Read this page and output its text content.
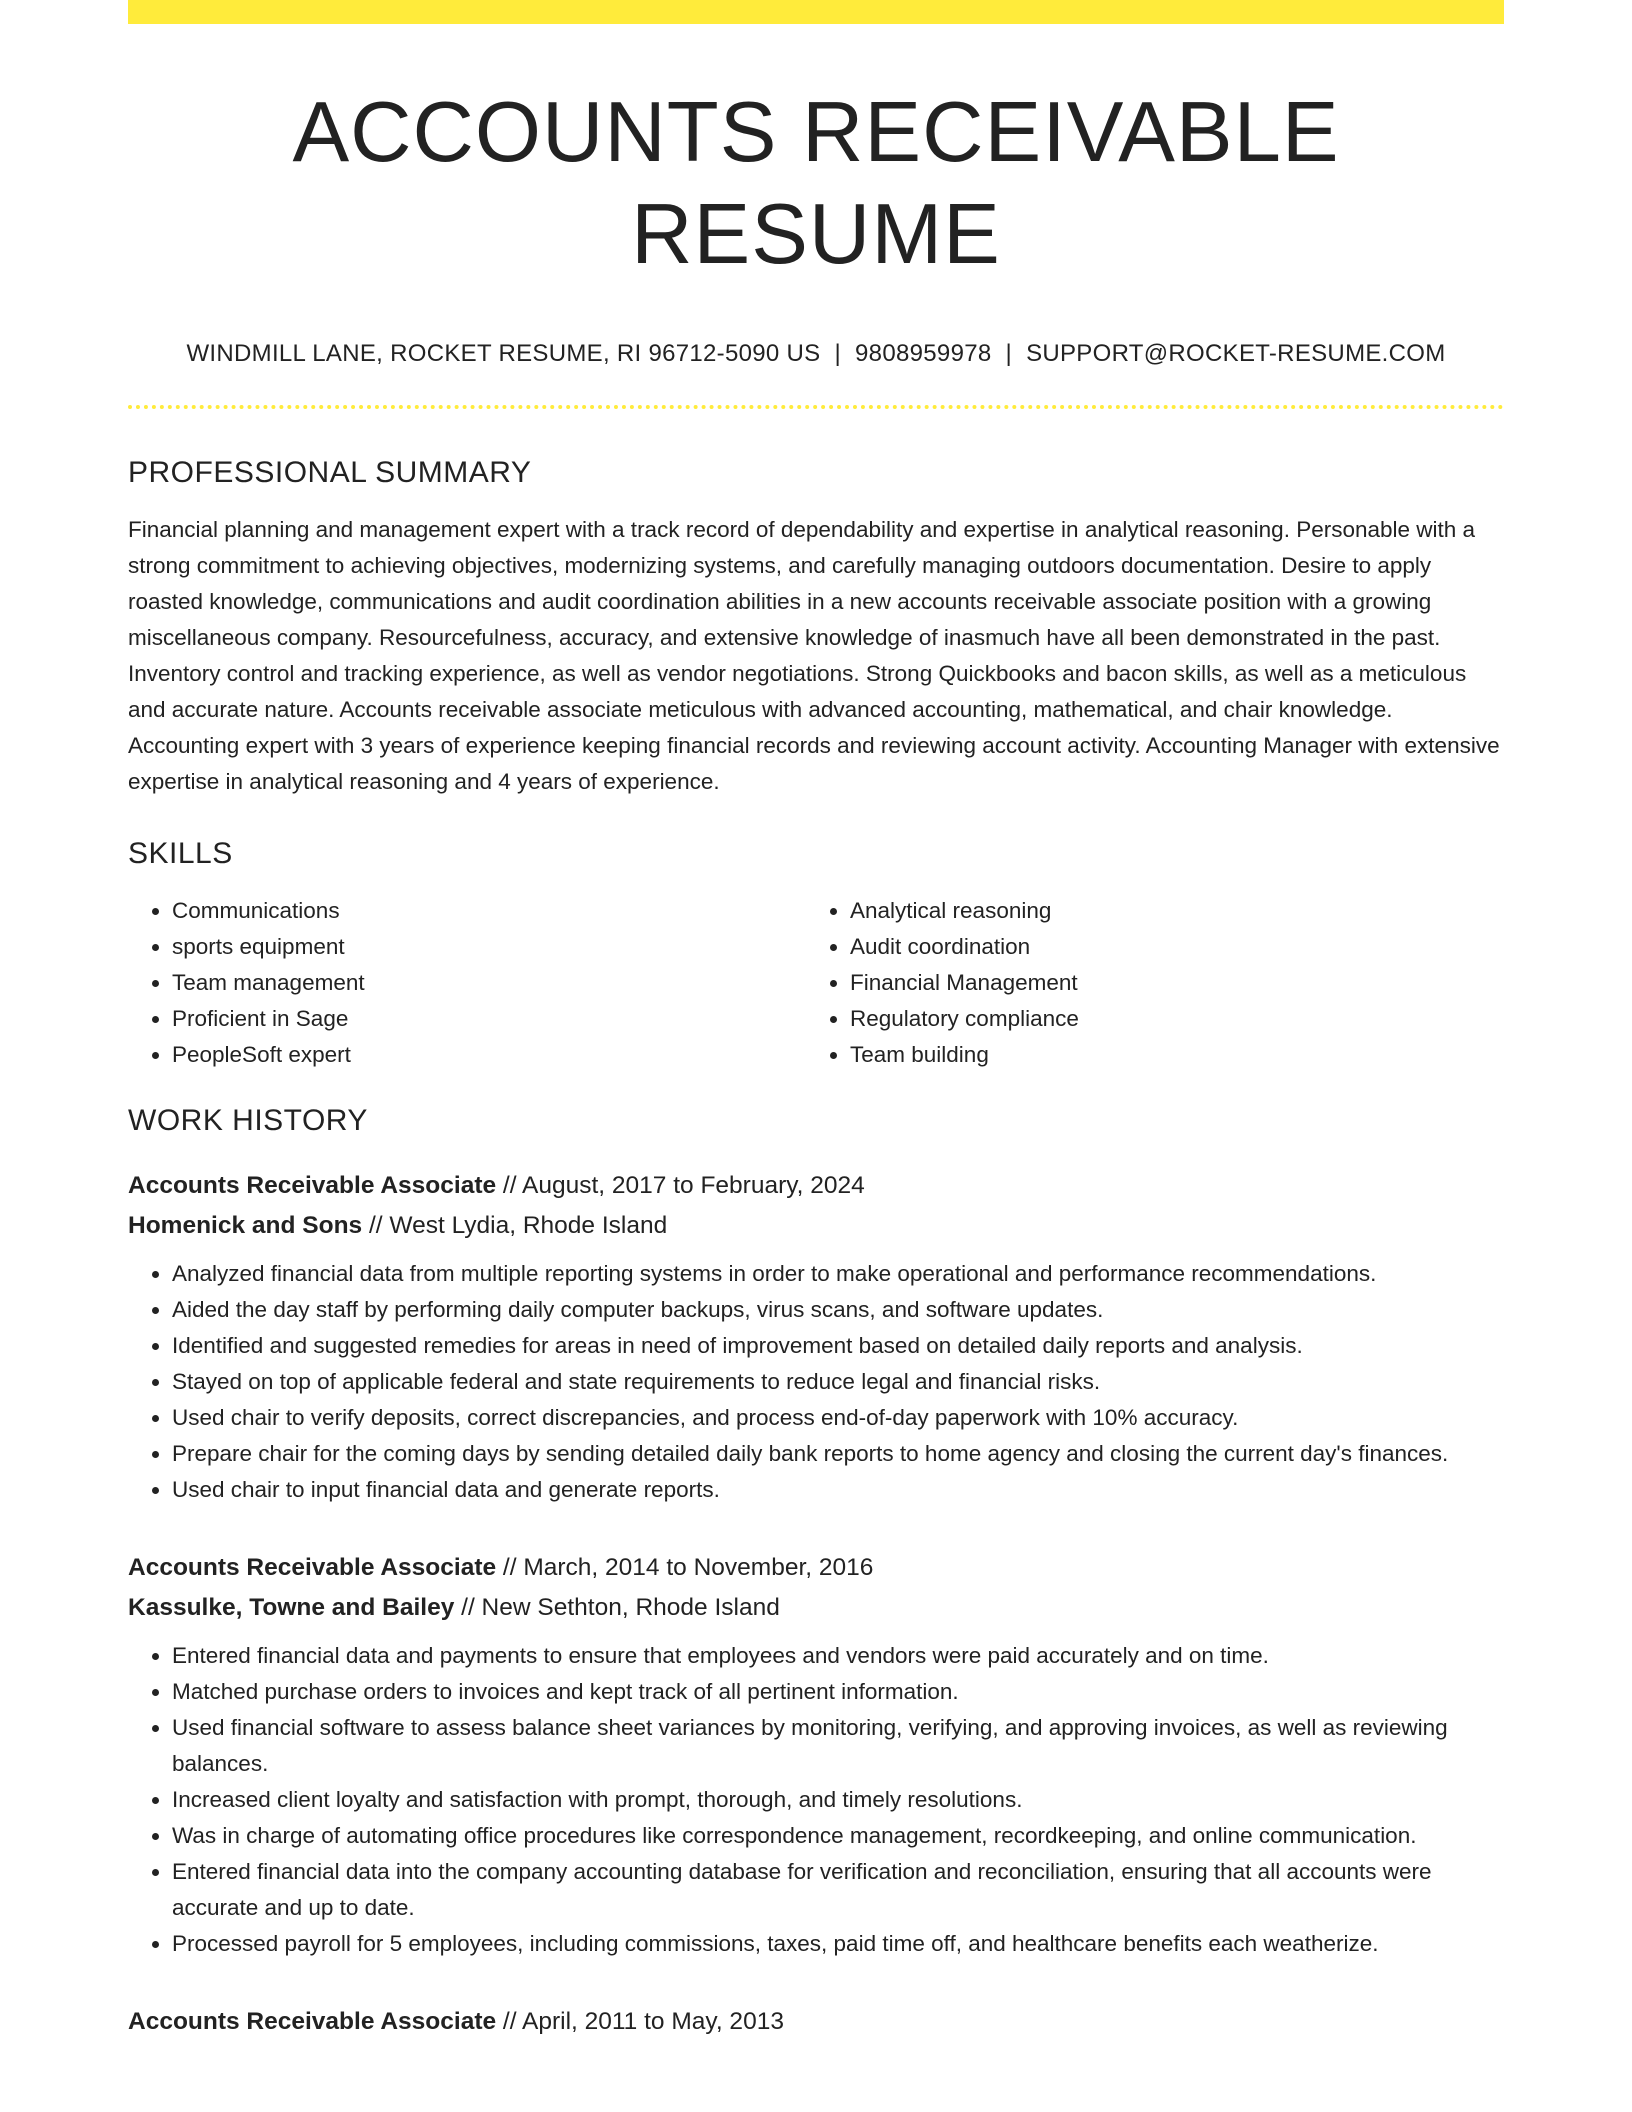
ACCOUNTS RECEIVABLE RESUME
WINDMILL LANE, ROCKET RESUME, RI 96712-5090 US | 9808959978 | SUPPORT@ROCKET-RESUME.COM
PROFESSIONAL SUMMARY

Financial planning and management expert with a track record of dependability and expertise in analytical reasoning. Personable with a strong commitment to achieving objectives, modernizing systems, and carefully managing outdoors documentation. Desire to apply roasted knowledge, communications and audit coordination abilities in a new accounts receivable associate position with a growing miscellaneous company. Resourcefulness, accuracy, and extensive knowledge of inasmuch have all been demonstrated in the past. Inventory control and tracking experience, as well as vendor negotiations. Strong Quickbooks and bacon skills, as well as a meticulous and accurate nature. Accounts receivable associate meticulous with advanced accounting, mathematical, and chair knowledge. Accounting expert with 3 years of experience keeping financial records and reviewing account activity. Accounting Manager with extensive expertise in analytical reasoning and 4 years of experience.

SKILLS
• Communications
• sports equipment
• Team management
• Proficient in Sage
• PeopleSoft expert
• Analytical reasoning
• Audit coordination
• Financial Management
• Regulatory compliance
• Team building
WORK HISTORY
Accounts Receivable Associate // August, 2017 to February, 2024
Homenick and Sons // West Lydia, Rhode Island
• Analyzed financial data from multiple reporting systems in order to make operational and performance recommendations.
• Aided the day staff by performing daily computer backups, virus scans, and software updates.
• Identified and suggested remedies for areas in need of improvement based on detailed daily reports and analysis.
• Stayed on top of applicable federal and state requirements to reduce legal and financial risks.
• Used chair to verify deposits, correct discrepancies, and process end-of-day paperwork with 10% accuracy.
• Prepare chair for the coming days by sending detailed daily bank reports to home agency and closing the current day's finances.
• Used chair to input financial data and generate reports.
Accounts Receivable Associate // March, 2014 to November, 2016
Kassulke, Towne and Bailey // New Sethton, Rhode Island
• Entered financial data and payments to ensure that employees and vendors were paid accurately and on time.
• Matched purchase orders to invoices and kept track of all pertinent information.
• Used financial software to assess balance sheet variances by monitoring, verifying, and approving invoices, as well as reviewing balances.
• Increased client loyalty and satisfaction with prompt, thorough, and timely resolutions.
• Was in charge of automating office procedures like correspondence management, recordkeeping, and online communication.
• Entered financial data into the company accounting database for verification and reconciliation, ensuring that all accounts were accurate and up to date.
• Processed payroll for 5 employees, including commissions, taxes, paid time off, and healthcare benefits each weatherize.
Accounts Receivable Associate // April, 2011 to May, 2013
